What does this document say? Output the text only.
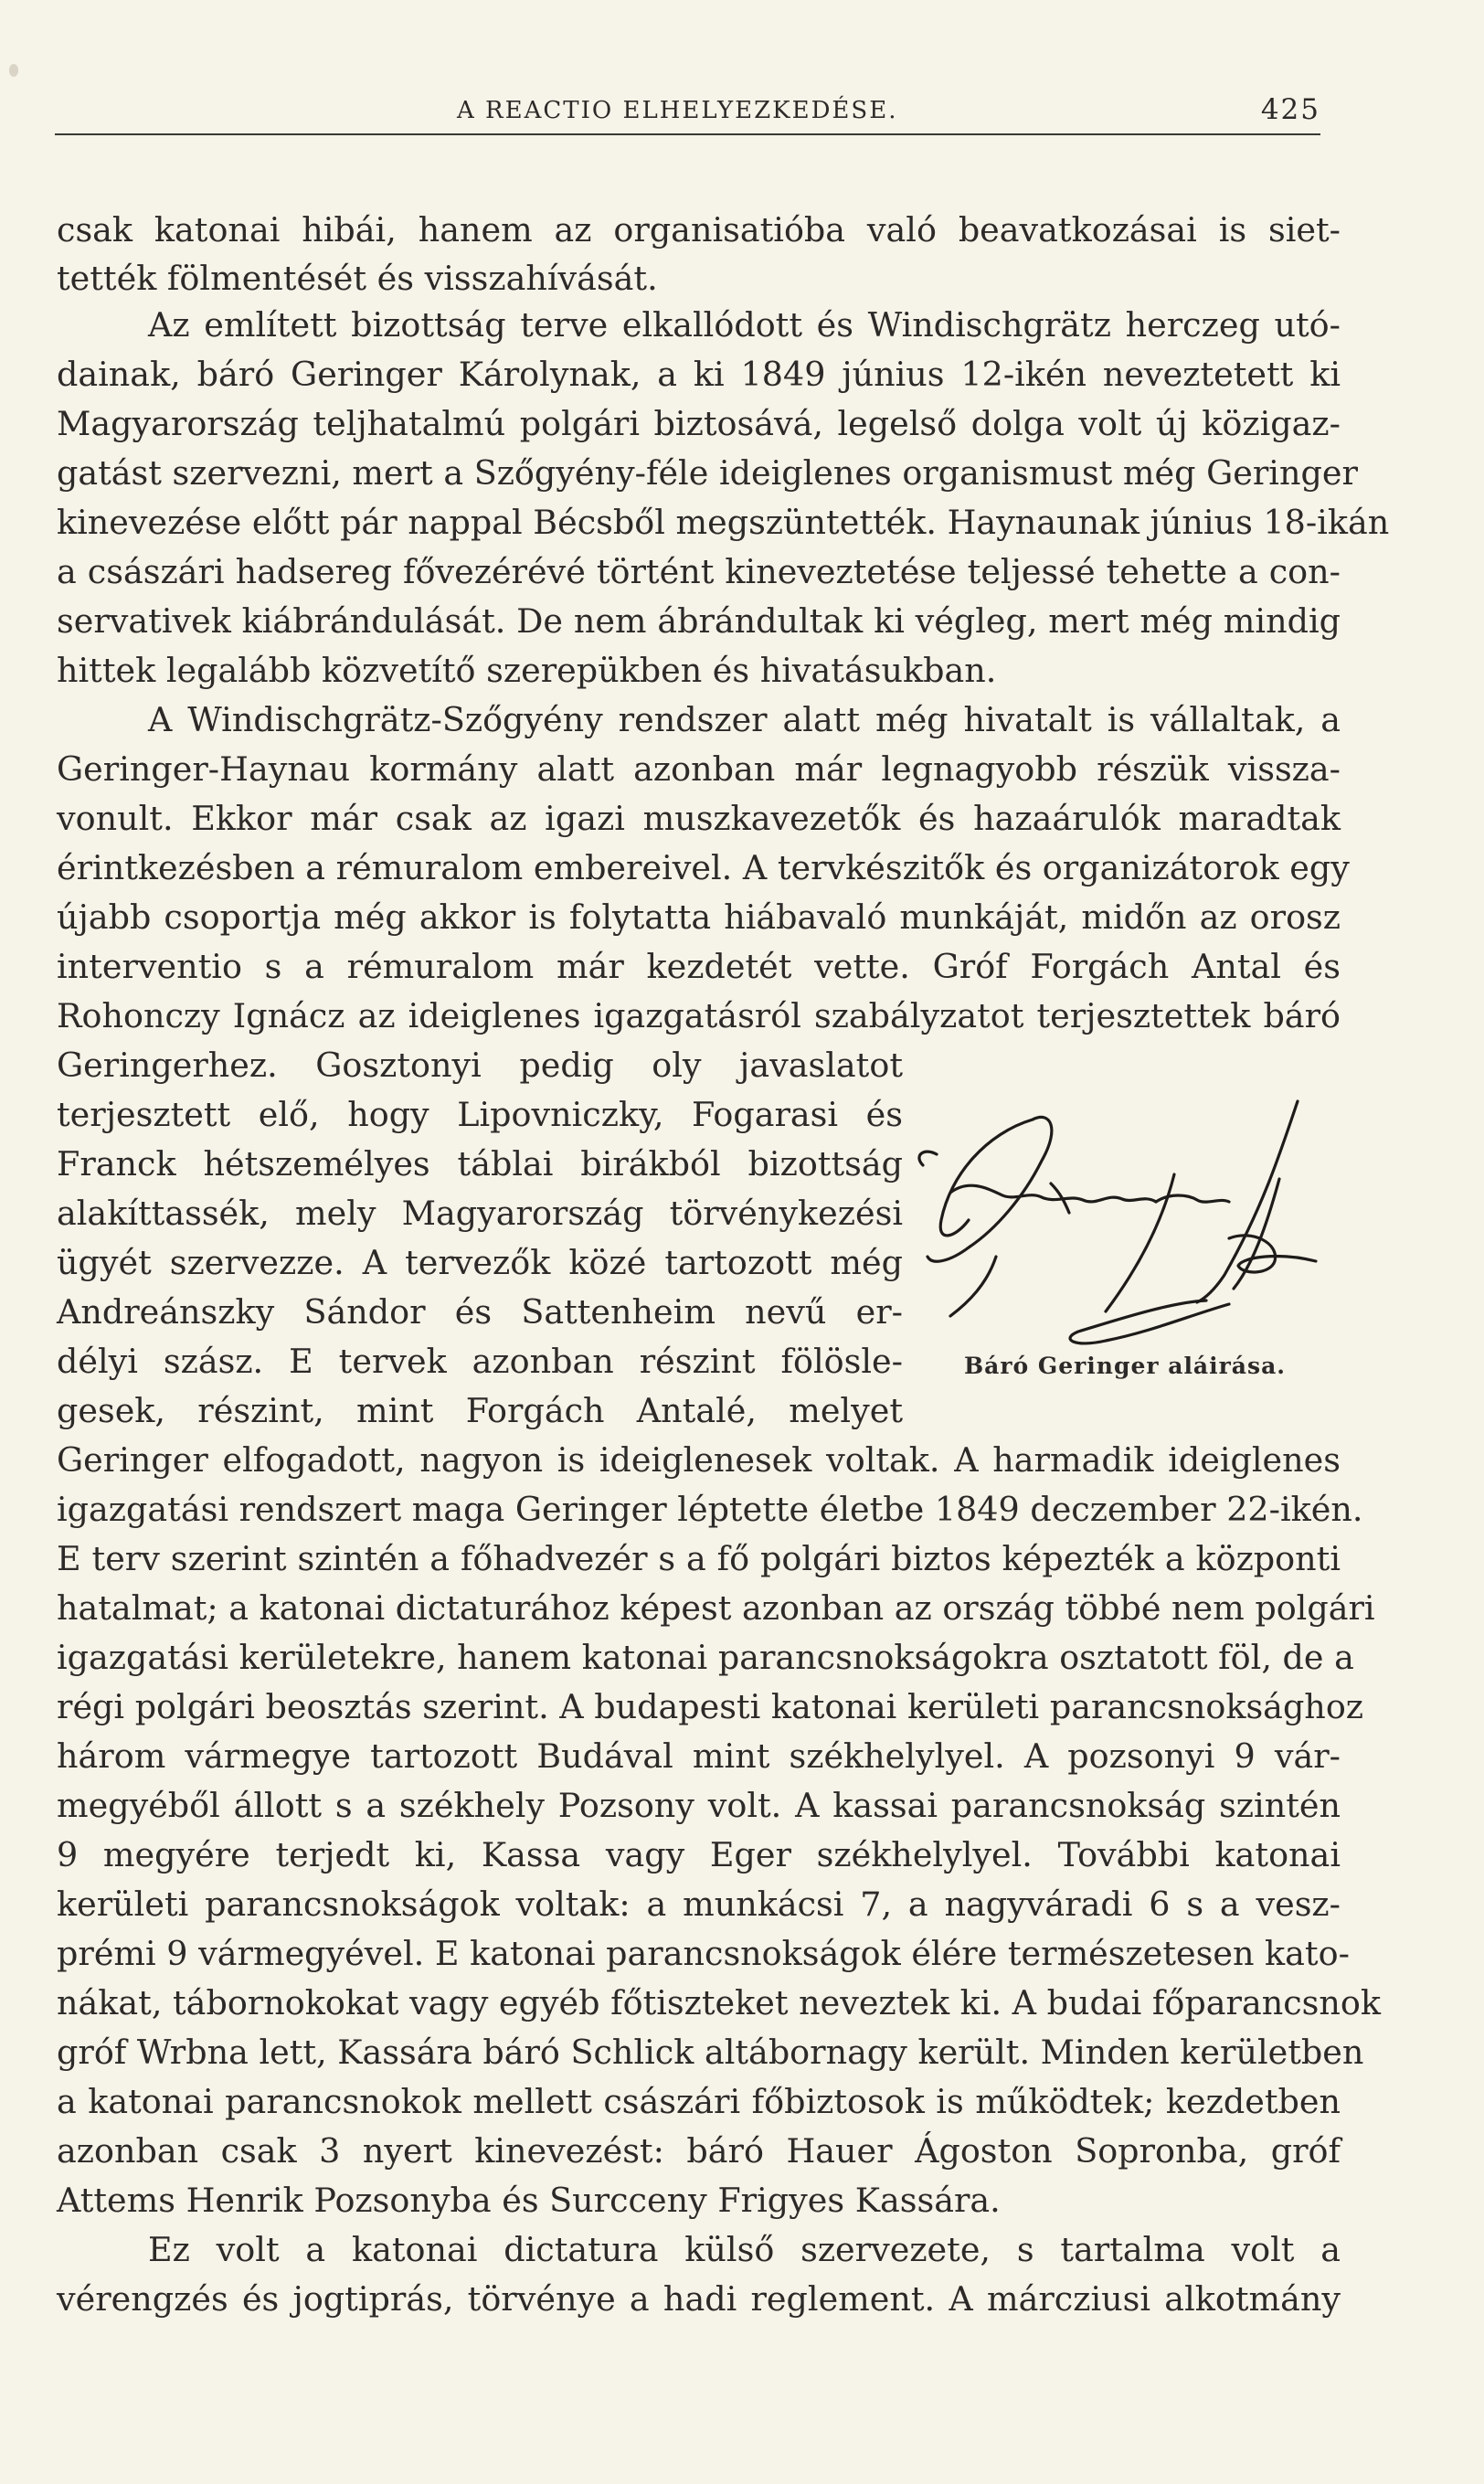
A REACTIO ELHELYEZKEDÉSE.	425
csak katonai hibái, hanem az organisatióba való beavatkozásai is siet-
tették fölmentését és visszahívását.
Az említett bizottság terve elkallódott és Windischgrätz herczeg utó-
dainak, báró Geringer Károlynak, a ki 1849 június 12-ikén neveztetett ki
Magyarország teljhatalmú polgári biztosává, legelső dolga volt új közigaz-
gatást szervezni, mert a Szőgyény-féle ideiglenes organismust még Geringer
kinevezése előtt pár nappal Bécsből megszüntették. Haynaunak június 18-ikán
a császári hadsereg fővezérévé történt kineveztetése teljessé tehette a con-
servativek kiábrándulását. De nem ábrándultak ki végleg, mert még mindig
hittek legalább közvetítő szerepükben és hivatásukban.
A Windischgrätz-Szőgyény rendszer alatt még hivatalt is vállaltak, a
Geringer-Haynau kormány alatt azonban már legnagyobb részük vissza-
vonult. Ekkor már csak az igazi muszkavezetők és hazaárulók maradtak
érintkezésben a rémuralom embereivel. A tervkészitők és organizátorok egy
újabb csoportja még akkor is folytatta hiábavaló munkáját, midőn az orosz
interventio s a rémuralom már kezdetét vette. Gróf Forgách Antal és
Rohonczy Ignácz az ideiglenes igazgatásról szabályzatot terjesztettek báró
Geringerhez. Gosztonyi pedig oly javaslatot
terjesztett elő, hogy Lipovniczky, Fogarasi és
Franck hétszemélyes táblai birákból bizottság
alakíttassék, mely Magyarország törvénykezési
ügyét szervezze. A tervezők közé tartozott még
Andreánszky Sándor és Sattenheim nevű er-
délyi szász. E tervek azonban részint fölösle-
gesek, részint, mint Forgách Antalé, melyet
Geringer elfogadott, nagyon is ideiglenesek voltak. A harmadik ideiglenes
igazgatási rendszert maga Geringer léptette életbe 1849 deczember 22-ikén.
E terv szerint szintén a főhadvezér s a fő polgári biztos képezték a központi
hatalmat; a katonai dictaturához képest azonban az ország többé nem polgári
igazgatási kerületekre, hanem katonai parancsnokságokra osztatott föl, de a
régi polgári beosztás szerint. A budapesti katonai kerületi parancsnoksághoz
három vármegye tartozott Budával mint székhelylyel. A pozsonyi 9 vár-
megyéből állott s a székhely Pozsony volt. A kassai parancsnokság szintén
9 megyére terjedt ki, Kassa vagy Eger székhelylyel. További katonai
kerületi parancsnokságok voltak: a munkácsi 7, a nagyváradi 6 s a vesz-
prémi 9 vármegyével. E katonai parancsnokságok élére természetesen kato-
nákat, tábornokokat vagy egyéb főtiszteket neveztek ki. A budai főparancsnok
gróf Wrbna lett, Kassára báró Schlick altábornagy került. Minden kerületben
a katonai parancsnokok mellett császári főbiztosok is működtek; kezdetben
azonban csak 3 nyert kinevezést: báró Hauer Ágoston Sopronba, gróf
Attems Henrik Pozsonyba és Surcceny Frigyes Kassára.
Ez volt a katonai dictatura külső szervezete, s tartalma volt a
vérengzés és jogtiprás, törvénye a hadi reglement. A márcziusi alkotmány
Báró Geringer aláirása.
